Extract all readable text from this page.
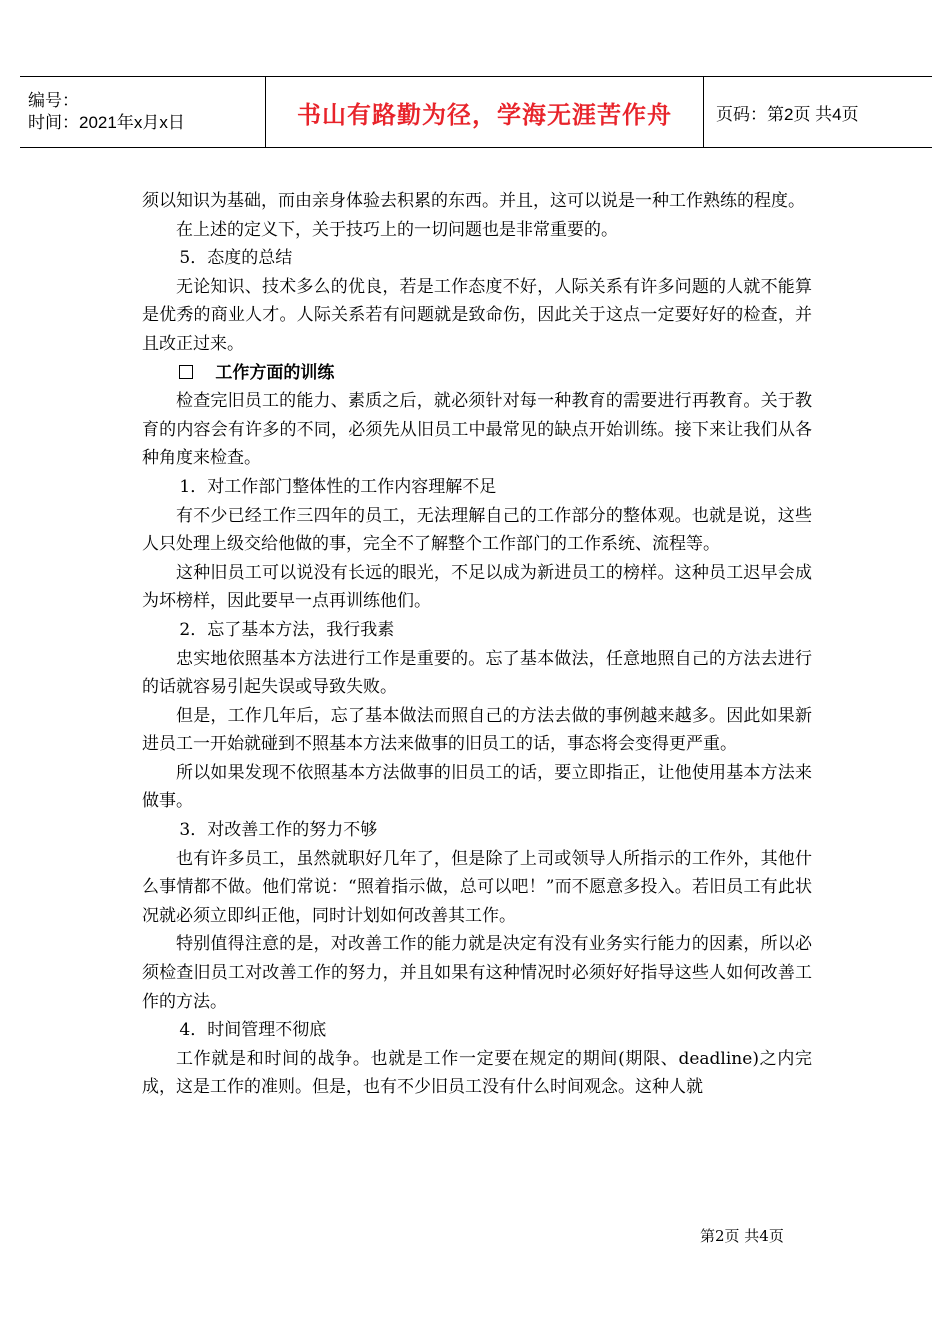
编号：
时间：2021年x月x日	书山有路勤为径，学海无涯苦作舟	页码：第2页 共4页

须以知识为基础，而由亲身体验去积累的东西。并且，这可以说是一种工作熟练的程度。

在上述的定义下，关于技巧上的一切问题也是非常重要的。

5．态度的总结

无论知识、技术多么的优良，若是工作态度不好，人际关系有许多问题的人就不能算是优秀的商业人才。人际关系若有问题就是致命伤，因此关于这点一定要好好的检查，并且改正过来。

工作方面的训练

检查完旧员工的能力、素质之后，就必须针对每一种教育的需要进行再教育。关于教育的内容会有许多的不同，必须先从旧员工中最常见的缺点开始训练。接下来让我们从各种角度来检查。

1．对工作部门整体性的工作内容理解不足

有不少已经工作三四年的员工，无法理解自己的工作部分的整体观。也就是说，这些人只处理上级交给他做的事，完全不了解整个工作部门的工作系统、流程等。

这种旧员工可以说没有长远的眼光，不足以成为新进员工的榜样。这种员工迟早会成为坏榜样，因此要早一点再训练他们。

2．忘了基本方法，我行我素

忠实地依照基本方法进行工作是重要的。忘了基本做法，任意地照自己的方法去进行的话就容易引起失误或导致失败。

但是，工作几年后，忘了基本做法而照自己的方法去做的事例越来越多。因此如果新进员工一开始就碰到不照基本方法来做事的旧员工的话，事态将会变得更严重。

所以如果发现不依照基本方法做事的旧员工的话，要立即指正，让他使用基本方法来做事。

3．对改善工作的努力不够

也有许多员工，虽然就职好几年了，但是除了上司或领导人所指示的工作外，其他什么事情都不做。他们常说：“照着指示做，总可以吧！”而不愿意多投入。若旧员工有此状况就必须立即纠正他，同时计划如何改善其工作。

特别值得注意的是，对改善工作的能力就是决定有没有业务实行能力的因素，所以必须检查旧员工对改善工作的努力，并且如果有这种情况时必须好好指导这些人如何改善工作的方法。

4．时间管理不彻底

工作就是和时间的战争。也就是工作一定要在规定的期间(期限、deadline)之内完成，这是工作的准则。但是，也有不少旧员工没有什么时间观念。这种人就

第2页 共4页
